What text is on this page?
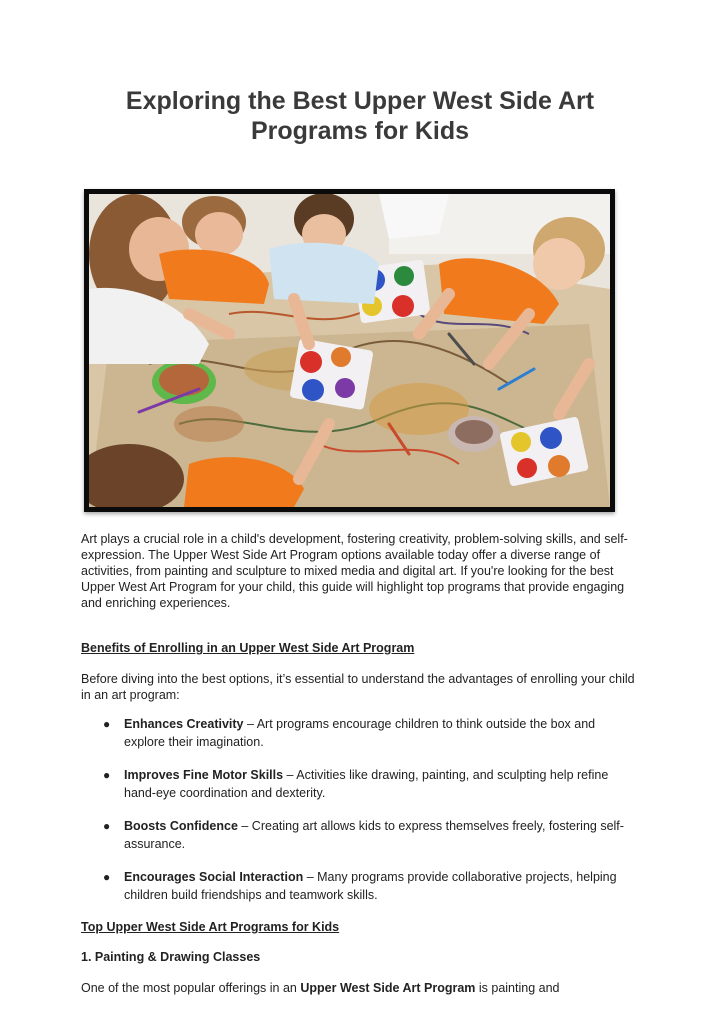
Exploring the Best Upper West Side Art
Programs for Kids

Art plays a crucial role in a child's development, fostering creativity, problem-solving skills, and self-expression. The Upper West Side Art Program options available today offer a diverse range of activities, from painting and sculpture to mixed media and digital art. If you're looking for the best Upper West Art Program for your child, this guide will highlight top programs that provide engaging and enriching experiences.

Benefits of Enrolling in an Upper West Side Art Program

Before diving into the best options, it’s essential to understand the advantages of enrolling your child in an art program:

● Enhances Creativity – Art programs encourage children to think outside the box and explore their imagination.
● Improves Fine Motor Skills – Activities like drawing, painting, and sculpting help refine hand-eye coordination and dexterity.
● Boosts Confidence – Creating art allows kids to express themselves freely, fostering self-assurance.
● Encourages Social Interaction – Many programs provide collaborative projects, helping children build friendships and teamwork skills.

Top Upper West Side Art Programs for Kids

1. Painting & Drawing Classes

One of the most popular offerings in an Upper West Side Art Program is painting and
